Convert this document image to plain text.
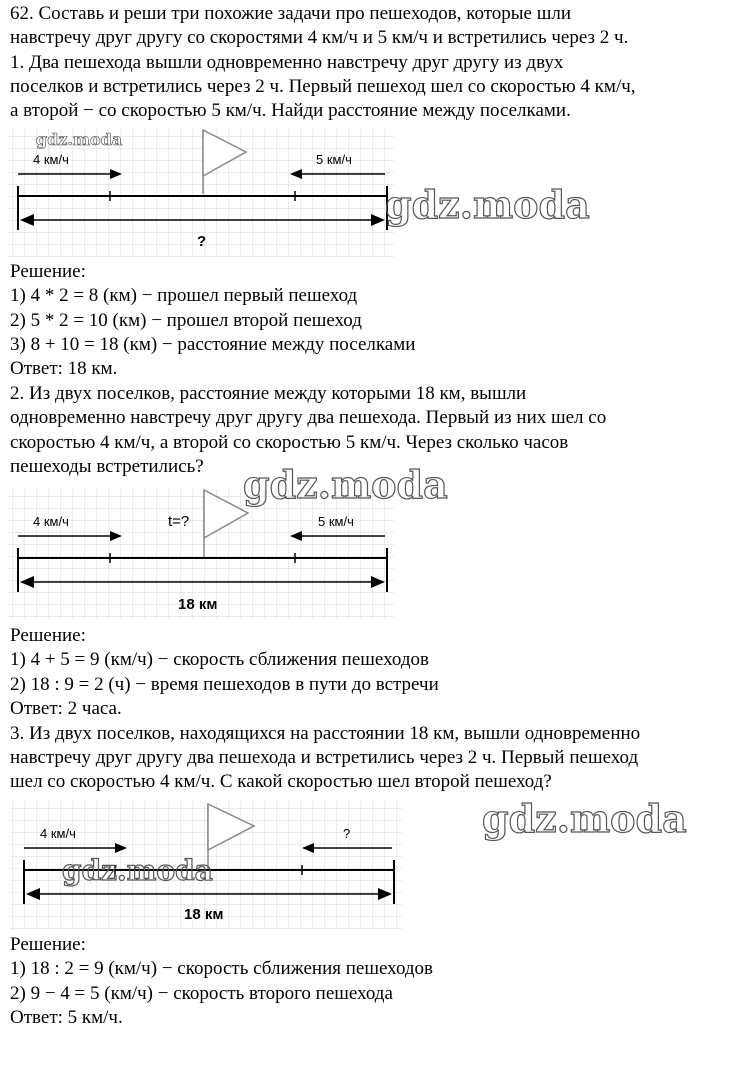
62. Составь и реши три похожие задачи про пешеходов, которые шли
навстречу друг другу со скоростями 4 км/ч и 5 км/ч и встретились через 2 ч.
1. Два пешехода вышли одновременно навстречу друг другу из двух
поселков и встретились через 2 ч. Первый пешеход шел со скоростью 4 км/ч,
а второй − со скоростью 5 км/ч. Найди расстояние между поселками.
4 км/ч	5 км/ч
?
gdz.moda
gdz.moda
Решение:
1) 4 * 2 = 8 (км) − прошел первый пешеход
2) 5 * 2 = 10 (км) − прошел второй пешеход
3) 8 + 10 = 18 (км) − расстояние между поселками
Ответ: 18 км.
2. Из двух поселков, расстояние между которыми 18 км, вышли
одновременно навстречу друг другу два пешехода. Первый из них шел со
скоростью 4 км/ч, а второй со скоростью 5 км/ч. Через сколько часов
пешеходы встретились?
4 км/ч	t=?	5 км/ч
18 км
gdz.moda
Решение:
1) 4 + 5 = 9 (км/ч) − скорость сближения пешеходов
2) 18 : 9 = 2 (ч) − время пешеходов в пути до встречи
Ответ: 2 часа.
3. Из двух поселков, находящихся на расстоянии 18 км, вышли одновременно
навстречу друг другу два пешехода и встретились через 2 ч. Первый пешеход
шел со скоростью 4 км/ч. С какой скоростью шел второй пешеход?
4 км/ч	?
18 км
gdz.moda
gdz.moda
Решение:
1) 18 : 2 = 9 (км/ч) − скорость сближения пешеходов
2) 9 − 4 = 5 (км/ч) − скорость второго пешехода
Ответ: 5 км/ч.
